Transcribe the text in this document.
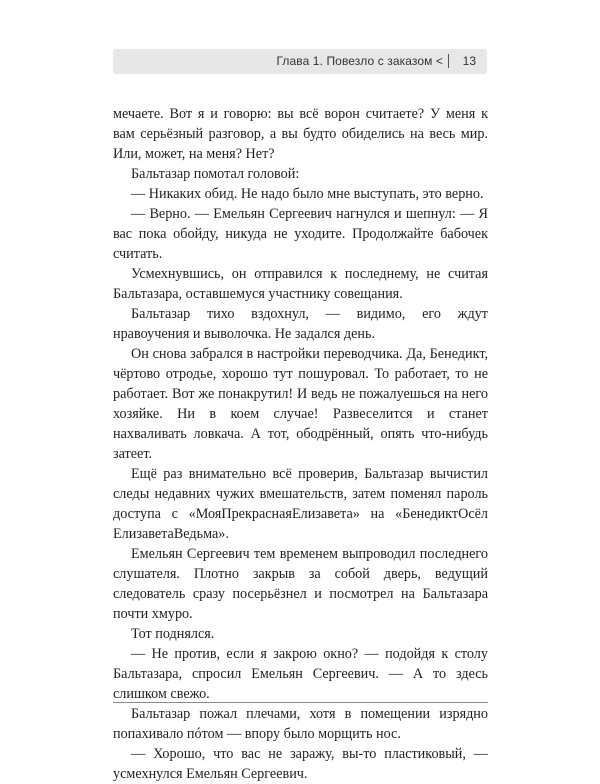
Глава 1. Повезло с заказом < 13

мечаете. Вот я и говорю: вы всё ворон считаете? У меня к вам серьёзный разговор, а вы будто обиделись на весь мир. Или, может, на меня? Нет?

Бальтазар помотал головой:

— Никаких обид. Не надо было мне выступать, это верно.

— Верно. — Емельян Сергеевич нагнулся и шепнул: — Я вас пока обойду, никуда не уходите. Продолжайте бабочек считать.

Усмехнувшись, он отправился к последнему, не считая Бальтазара, оставшемуся участнику совещания.

Бальтазар тихо вздохнул, — видимо, его ждут нравоучения и выволочка. Не задался день.

Он снова забрался в настройки переводчика. Да, Бенедикт, чёртово отродье, хорошо тут пошуровал. То работает, то не работает. Вот же понакрутил! И ведь не пожалуешься на него хозяйке. Ни в коем случае! Развеселится и станет нахваливать ловкача. А тот, ободрённый, опять что-нибудь затеет.

Ещё раз внимательно всё проверив, Бальтазар вычистил следы недавних чужих вмешательств, затем поменял пароль доступа с «МояПрекраснаяЕлизавета» на «БенедиктОсёл ЕлизаветаВедьма».

Емельян Сергеевич тем временем выпроводил последнего слушателя. Плотно закрыв за собой дверь, ведущий следователь сразу посерьёзнел и посмотрел на Бальтазара почти хмуро.

Тот поднялся.

— Не против, если я закрою окно? — подойдя к столу Бальтазара, спросил Емельян Сергеевич. — А то здесь слишком свежо.

Бальтазар пожал плечами, хотя в помещении изрядно попахивало пóтом — впору было морщить нос.

— Хорошо, что вас не заражу, вы-то пластиковый, — усмехнулся Емельян Сергеевич.
